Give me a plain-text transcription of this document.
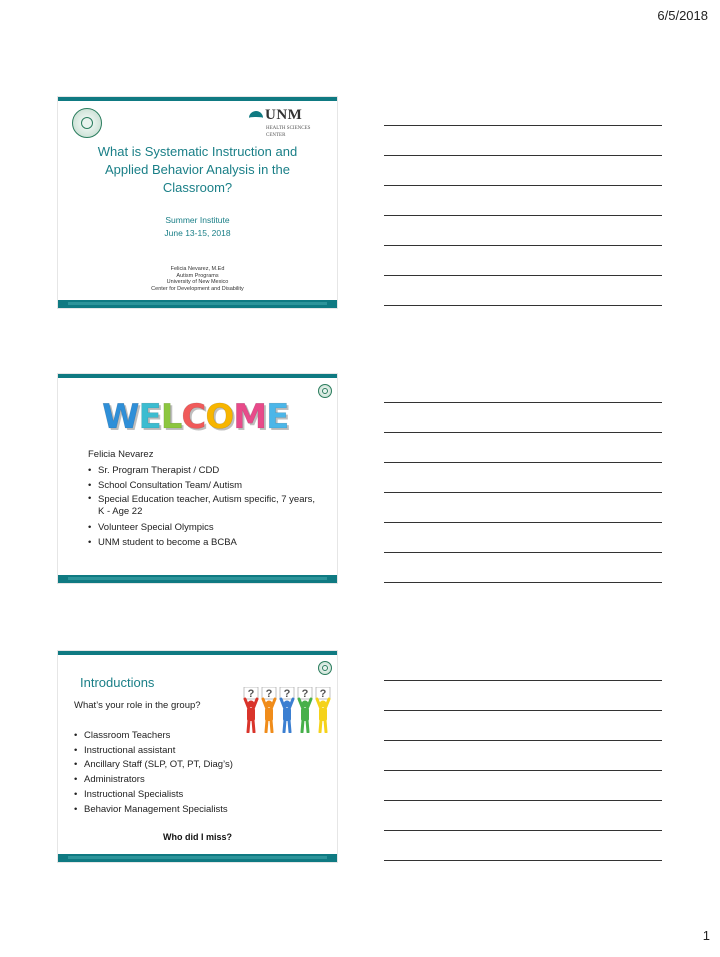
6/5/2018
UNM
HEALTH SCIENCES
CENTER
What is Systematic Instruction and
Applied Behavior Analysis in the
Classroom?
Summer Institute
June 13-15, 2018
Felicia Nevarez, M.Ed
Autism Programs
University of New Mexico
Center for Development and Disability
WELCOME
Felicia Nevarez
• Sr. Program Therapist / CDD
• School Consultation Team/ Autism
• Special Education teacher, Autism specific, 7 years, K - Age 22
• Volunteer Special Olympics
• UNM student to become a BCBA
Introductions
What’s your role in the group?
? ? ? ? ?
• Classroom Teachers
• Instructional assistant
• Ancillary Staff (SLP, OT, PT, Diag’s)
• Administrators
• Instructional Specialists
• Behavior Management Specialists
Who did I miss?
1
